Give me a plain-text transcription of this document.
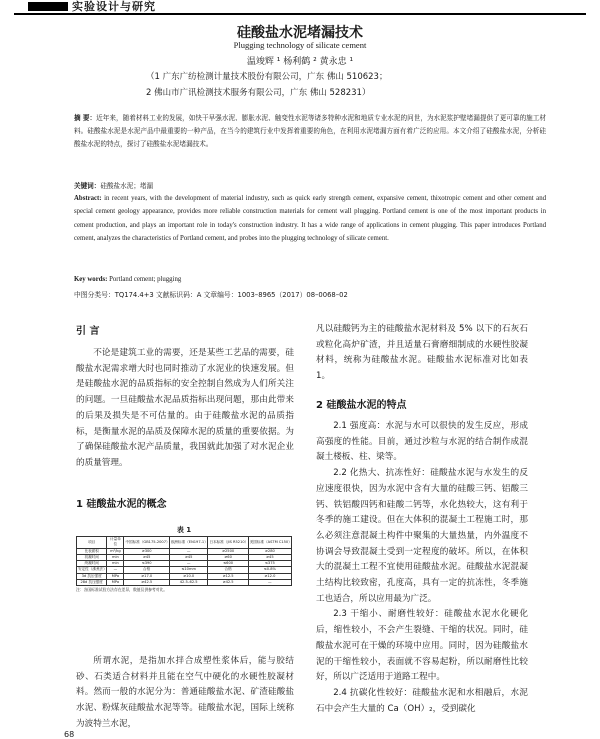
实验设计与研究
硅酸盐水泥堵漏技术
Plugging technology of silicate cement
温竣辉 ¹ 杨利鹤 ² 黄永忠 ¹
（1 广东广纺检测计量技术股份有限公司，广东 佛山 510623；
2 佛山市广讯检测技术服务有限公司，广东 佛山 528231）
摘 要：近年来，随着材料工业的发展，如快干早强水泥、膨胀水泥、触变性水泥等诸多特种水泥和地质专业水泥的问世，为水泥浆护壁堵漏提供了更可靠的施工材料。硅酸盐水泥是水泥产品中最重要的一种产品，在当今的建筑行业中发挥着重要的角色，在利用水泥堵漏方面有着广泛的应用。本文介绍了硅酸盐水泥，分析硅酸盐水泥的特点，探讨了硅酸盐水泥堵漏技术。
关键词：硅酸盐水泥；堵漏
Abstract: in recent years, with the development of material industry, such as quick early strength cement, expansive cement, thixotropic cement and other cement and special cement geology appearance, provides more reliable construction materials for cement wall plugging. Portland cement is one of the most important products in cement production, and plays an important role in today's construction industry. It has a wide range of applications in cement plugging. This paper introduces Portland cement, analyzes the characteristics of Portland cement, and probes into the plugging technology of silicate cement.
Key words: Portland cement; plugging
中图分类号：TQ174.4+3 文献标识码：A 文章编号：1003–8965（2017）08–0068–02
引 言

不论是建筑工业的需要，还是某些工艺品的需要，硅酸盐水泥需求增大时也同时推动了水泥业的快速发展。但是硅酸盐水泥的品质指标的安全控制自然成为人们所关注的问题。一旦硅酸盐水泥品质指标出现问题，那由此带来的后果及损失是不可估量的。由于硅酸盐水泥的品质指标，是衡量水泥的品质及保障水泥的质量的重要依据。为了确保硅酸盐水泥产品质量，我国就此加强了对水泥企业的质量管理。

1 硅酸盐水泥的概念
表 1
项目	计量单位	中国标准（GB175-2007）	欧洲标准（EN197-1）	日本标准（JIS R5210）	美国标准（ASTM C150）
比表面积	m²/kg	≥300	—	≥2500	≥280
初凝时间	min	≥45	≥45	≥60	≥45
终凝时间	min	≤390	—	≤600	≤375
安定性（沸煮法）	—	合格	≤10mm	合格	≤0.8%
3d 抗压强度	MPa	≥17.0	≥10.0	≥12.5	≥12.0
28d 抗压强度	MPa	≥42.5	42.5–62.5	≥42.5	—
注：各国标准试验方法存在差异，数值仅供参考对比。

所谓水泥，是指加水拌合成塑性浆体后，能与胶结砂、石类适合材料并且能在空气中硬化的水硬性胶凝材料。然而一般的水泥分为：普通硅酸盐水泥、矿渣硅酸盐水泥、粉煤灰硅酸盐水泥等等。硅酸盐水泥，国际上统称为波特兰水泥，

凡以硅酸钙为主的硅酸盐水泥材料及 5% 以下的石灰石或粒化高炉矿渣，并且适量石膏磨细制成的水硬性胶凝材料，统称为硅酸盐水泥。硅酸盐水泥标准对比如表 1。

2 硅酸盐水泥的特点

2.1 强度高：水泥与水可以很快的发生反应，形成高强度的性能。目前，通过沙粒与水泥的结合制作成混凝土楼板、柱、梁等。

2.2 化热大、抗冻性好：硅酸盐水泥与水发生的反应速度很快，因为水泥中含有大量的硅酸三钙、铝酸三钙、铁铝酸四钙和硅酸二钙等，水化热较大，这有利于冬季的施工建设。但在大体积的混凝土工程施工时，那么必须注意混凝土构件中聚集的大量热量，内外温度不协调会导致混凝土受到一定程度的破坏。所以，在体积大的混凝土工程不宜使用硅酸盐水泥。硅酸盐水泥混凝土结构比较致密，孔度高，具有一定的抗冻性，冬季施工也适合，所以应用最为广泛。

2.3 干缩小、耐磨性较好：硅酸盐水泥水化硬化后，缩性较小，不会产生裂缝、干缩的状况。同时，硅酸盐水泥可在干燥的环境中应用。同时，因为硅酸盐水泥的干缩性较小，表面就不容易起粉，所以耐磨性比较好，所以广泛适用于道路工程中。

2.4 抗碳化性较好：硅酸盐水泥和水相融后，水泥石中会产生大量的 Ca（OH）₂，受到碳化

68
